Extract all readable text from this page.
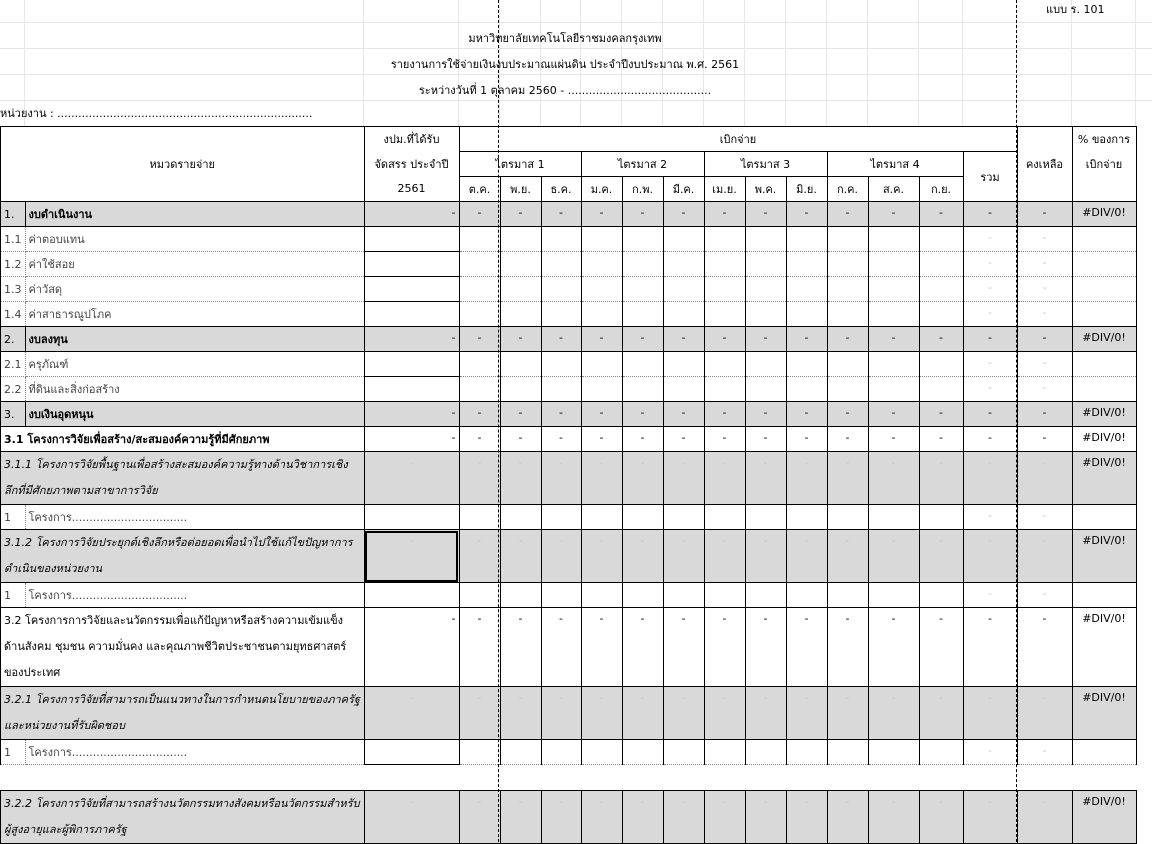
แบบ ร. 101
มหาวิทยาลัยเทคโนโลยีราชมงคลกรุงเทพ
รายงานการใช้จ่ายเงินงบประมาณแผ่นดิน ประจำปีงบประมาณ พ.ศ. 2561
ระหว่างวันที่ 1 ตุลาคม 2560 - .........................................
หน่วยงาน : .........................................................................
หมวดรายจ่าย		งปม.ที่ได้รับ	เบิกจ่าย													คงเหลือ	% ของการ
		จัดสรร ประจำปี	ไตรมาส 1			ไตรมาส 2			ไตรมาส 3			ไตรมาส 4			รวม		เบิกจ่าย
		2561	ต.ค.	พ.ย.	ธ.ค.	ม.ค.	ก.พ.	มี.ค.	เม.ย.	พ.ค.	มิ.ย.	ก.ค.	ส.ค.	ก.ย.			
1.	งบดำเนินงาน	-	-	-	-	-	-	-	-	-	-	-	-	-	-	-	#DIV/0!
1.1	ค่าตอบแทน														-	-	
1.2	ค่าใช้สอย														-	-	
1.3	ค่าวัสดุ														-	-	
1.4	ค่าสาธารณูปโภค														-	-	
2.	งบลงทุน	-	-	-	-	-	-	-	-	-	-	-	-	-	-	-	#DIV/0!
2.1	ครุภัณฑ์														-	-	
2.2	ที่ดินและสิ่งก่อสร้าง														-	-	
3.	งบเงินอุดหนุน	-	-	-	-	-	-	-	-	-	-	-	-	-	-	-	#DIV/0!
3.1 โครงการวิจัยเพื่อสร้าง/สะสมองค์ความรู้ที่มีศักยภาพ		-	-	-	-	-	-	-	-	-	-	-	-	-	-	-	#DIV/0!
3.1.1 โครงการวิจัยพื้นฐานเพื่อสร้างสะสมองค์ความรู้ทางด้านวิชาการเชิงลึกที่มีศักยภาพตามสาขาการวิจัย		-	-	-	-	-	-	-	-	-	-	-	-	-	-	-	#DIV/0!
1	โครงการ.................................														-	-	
3.1.2 โครงการวิจัยประยุกต์เชิงลึกหรือต่อยอดเพื่อนำไปใช้แก้ไขปัญหาการดำเนินของหน่วยงาน		-	-	-	-	-	-	-	-	-	-	-	-	-	-	-	#DIV/0!
1	โครงการ.................................														-	-	
3.2 โครงการการวิจัยและนวัตกรรมเพื่อแก้ปัญหาหรือสร้างความเข้มแข็งด้านสังคม ชุมชน ความมั่นคง และคุณภาพชีวิตประชาชนตามยุทธศาสตร์ของประเทศ		-	-	-	-	-	-	-	-	-	-	-	-	-	-	-	#DIV/0!
3.2.1 โครงการวิจัยที่สามารถเป็นแนวทางในการกำหนดนโยบายของภาครัฐและหน่วยงานที่รับผิดชอบ		-	-	-	-	-	-	-	-	-	-	-	-	-	-	-	#DIV/0!
1	โครงการ.................................														-	-	

3.2.2 โครงการวิจัยที่สามารถสร้างนวัตกรรมทางสังคมหรือนวัตกรรมสำหรับผู้สูงอายุและผู้พิการภาครัฐ		-	-	-	-	-	-	-	-	-	-	-	-	-	-	-	#DIV/0!
